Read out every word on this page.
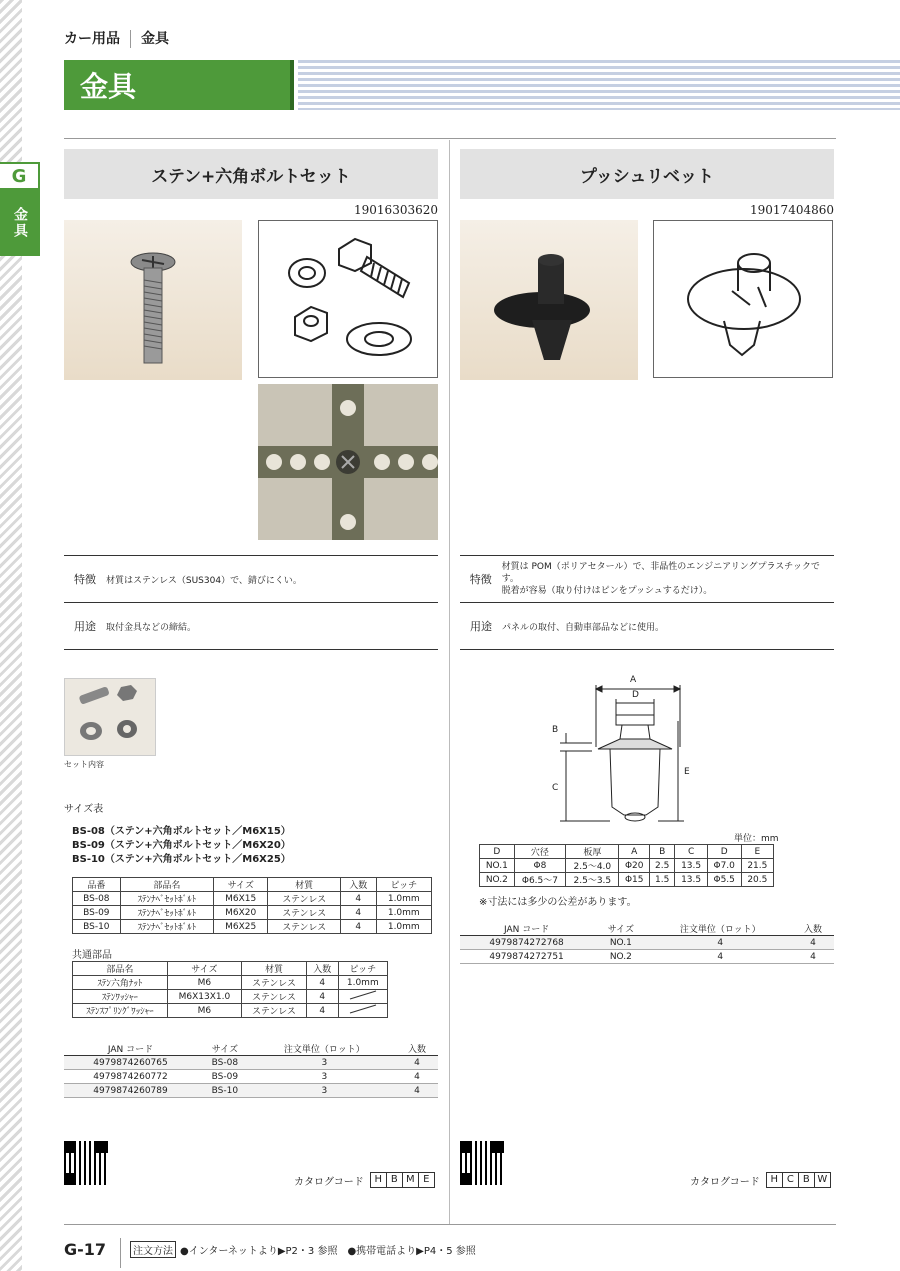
カー用品 金具
金具
G
金具
ステン+六角ボルトセット
19016303620
特徴	材質はステンレス（SUS304）で、錆びにくい。
用途	取付金具などの締結。
セット内容
サイズ表
BS-08（ステン+六角ボルトセット／M6X15）
BS-09（ステン+六角ボルトセット／M6X20）
BS-10（ステン+六角ボルトセット／M6X25）
品番	部品名	サイズ	材質	入数	ピッチ
BS-08	ｽﾃﾝﾅﾍﾞｾｯﾄﾎﾞﾙﾄ	M6X15	ステンレス	4	1.0mm
BS-09	ｽﾃﾝﾅﾍﾞｾｯﾄﾎﾞﾙﾄ	M6X20	ステンレス	4	1.0mm
BS-10	ｽﾃﾝﾅﾍﾞｾｯﾄﾎﾞﾙﾄ	M6X25	ステンレス	4	1.0mm
共通部品
部品名	サイズ	材質	入数	ピッチ
ｽﾃﾝ六角ﾅｯﾄ	M6	ステンレス	4	1.0mm
ｽﾃﾝﾜｯｼｬｰ	M6X13X1.0	ステンレス	4	
ｽﾃﾝｽﾌﾟﾘﾝｸﾞﾜｯｼｬｰ	M6	ステンレス	4	
JAN コード	サイズ	注文単位（ロット）	入数
4979874260765	BS-08	3	4
4979874260772	BS-09	3	4
4979874260789	BS-10	3	4
カタログコード	H B M E
プッシュリベット
19017404860
特徴
材質は POM（ポリアセタール）で、非晶性のエンジニアリングプラスチックです。
脱着が容易（取り付けはピンをプッシュするだけ）。
用途	パネルの取付、自動車部品などに使用。
A
D
B
C
E
単位：mm
D	穴径	板厚	A	B	C	D	E
NO.1	Φ8	2.5〜4.0	Φ20	2.5	13.5	Φ7.0	21.5
NO.2	Φ6.5〜7	2.5〜3.5	Φ15	1.5	13.5	Φ5.5	20.5
※寸法には多少の公差があります。
JAN コード	サイズ	注文単位（ロット）	入数
4979874272768	NO.1	4	4
4979874272751	NO.2	4	4
カタログコード	H C B W
G-17	注文方法 ●インターネットより▶P2・3 参照 ●携帯電話より▶P4・5 参照
